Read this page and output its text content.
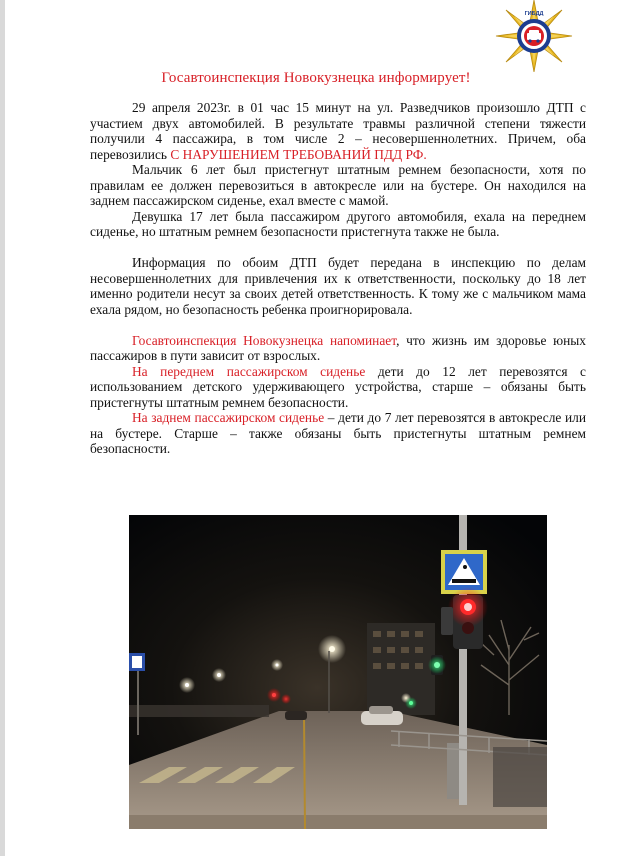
ГИБДД
Госавтоинспекция Новокузнецка информирует!

29 апреля 2023г. в 01 час 15 минут на ул. Разведчиков произошло ДТП с участием двух автомобилей. В результате травмы различной степени тяжести получили 4 пассажира, в том числе 2 – несовершеннолетних. Причем, оба перевозились С НАРУШЕНИЕМ ТРЕБОВАНИЙ ПДД РФ.

Мальчик 6 лет был пристегнут штатным ремнем безопасности, хотя по правилам ее должен перевозиться в автокресле или на бустере. Он находился на заднем пассажирском сиденье, ехал вместе с мамой.

Девушка 17 лет была пассажиром другого автомобиля, ехала на переднем сиденье, но штатным ремнем безопасности пристегнута также не была.

Информация по обоим ДТП будет передана в инспекцию по делам несовершеннолетних для привлечения их к ответственности, поскольку до 18 лет именно родители несут за своих детей ответственность. К тому же с мальчиком мама ехала рядом, но безопасность ребенка проигнорировала.

Госавтоинспекция Новокузнецка напоминает, что жизнь им здоровье юных пассажиров в пути зависит от взрослых.

На переднем пассажирском сиденье дети до 12 лет перевозятся с использованием детского удерживающего устройства, старше – обязаны быть пристегнуты штатным ремнем безопасности.

На заднем пассажирском сиденье – дети до 7 лет перевозятся в автокресле или на бустере. Старше – также обязаны быть пристегнуты штатным ремнем безопасности.
